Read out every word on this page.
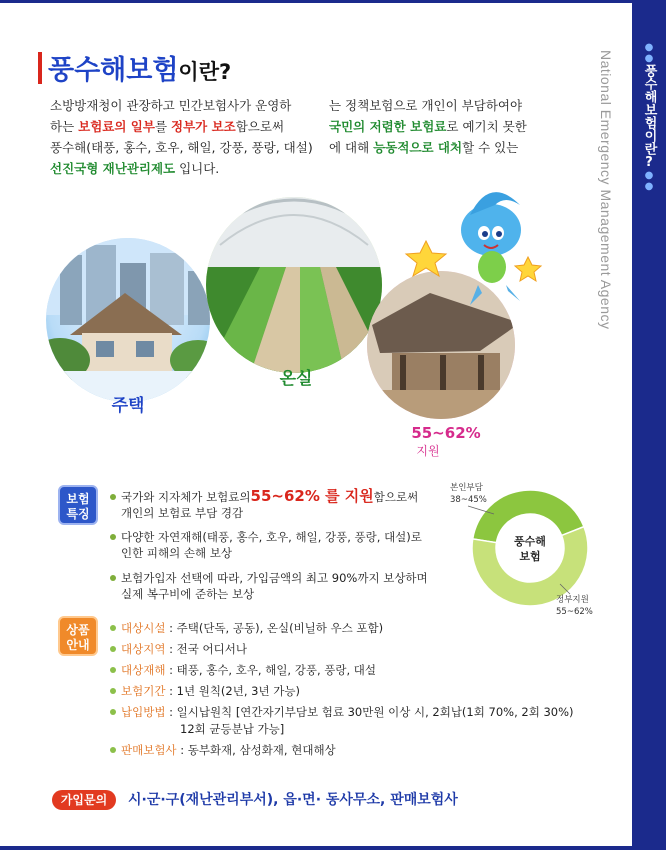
●●
풍수해보험이란?
●●
National Emergency Management Agency
풍수해보험이란?
소방방재청이 관장하고 민간보험사가 운영하
하는 보험료의 일부를 정부가 보조함으로써
풍수해(태풍, 홍수, 호우, 해일, 강풍, 풍랑, 대설)
선진국형 재난관리제도 입니다.
는 정책보험으로 개인이 부담하여야
국민의 저렴한 보험료로 예기치 못한
에 대해 능동적으로 대처할 수 있는
주택
온실
55~62%
지원
보험
특징
국가와 지자체가 보험료의55~62% 를 지원함으로써
개인의 보험료 부담 경감
다양한 자연재해(태풍, 홍수, 호우, 해일, 강풍, 풍랑, 대설)로
인한 피해의 손해 보상
보험가입자 선택에 따라, 가입금액의 최고 90%까지 보상하며
실제 복구비에 준하는 보상
풍수해
보험
본인부담
38~45%
정부지원
55~62%
상품
안내
대상시설 : 주택(단독, 공동), 온실(비닐하 우스 포함)
대상지역 : 전국 어디서나
대상재해 : 태풍, 홍수, 호우, 해일, 강풍, 풍랑, 대설
보험기간 : 1년 원칙(2년, 3년 가능)
납입방법 : 일시납원칙 [연간자기부담보 험료 30만원 이상 시, 2회납(1회 70%, 2회 30%)
12회 균등분납 가능]
판매보험사 : 동부화재, 삼성화재, 현대해상
가입문의	시·군·구(재난관리부서), 읍·면· 동사무소, 판매보험사
